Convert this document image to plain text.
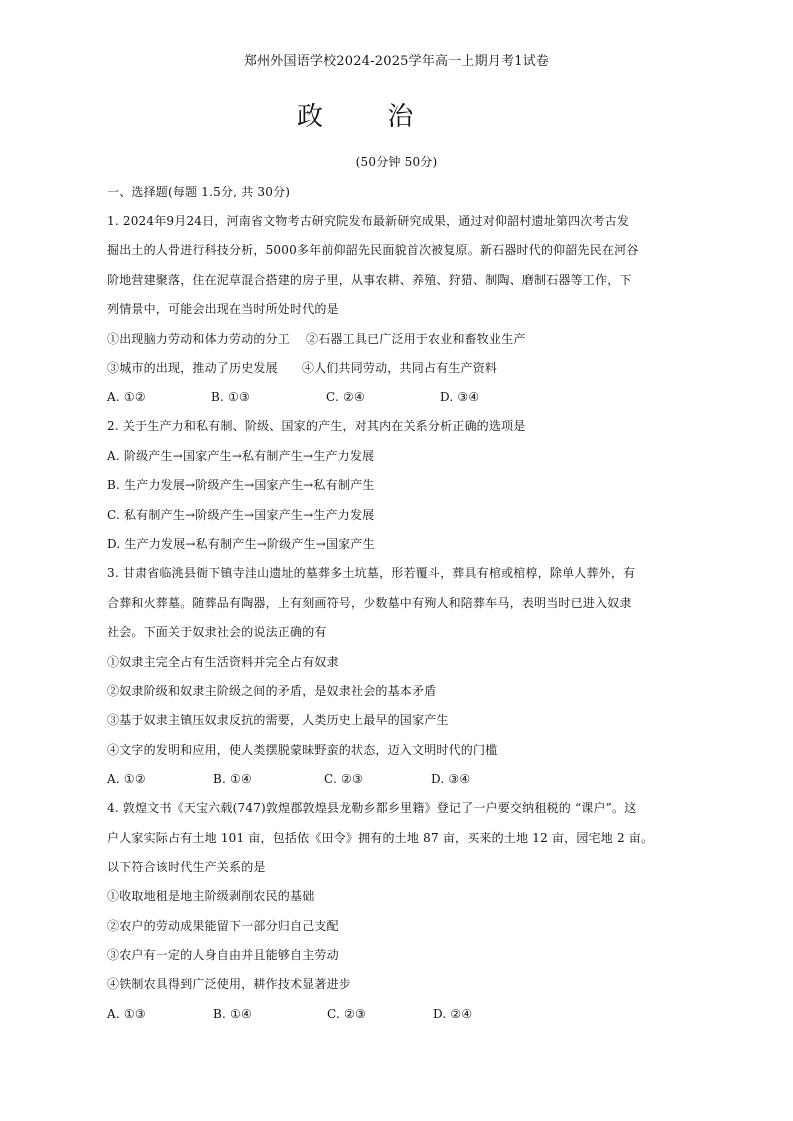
郑州外国语学校2024-2025学年高一上期月考1试卷
政 治
(50分钟 50分)
一、选择题(每题 1.5分, 共 30分)
1. 2024年9月24日，河南省文物考古研究院发布最新研究成果，通过对仰韶村遗址第四次考古发
掘出土的人骨进行科技分析，5000多年前仰韶先民面貌首次被复原。新石器时代的仰韶先民在河谷
阶地营建聚落，住在泥草混合搭建的房子里，从事农耕、养殖、狩猎、制陶、磨制石器等工作，下
列情景中，可能会出现在当时所处时代的是
①出现脑力劳动和体力劳动的分工    ②石器工具已广泛用于农业和畜牧业生产
③城市的出现，推动了历史发展      ④人们共同劳动，共同占有生产资料
A. ①②	B. ①③	C. ②④	D. ③④
2. 关于生产力和私有制、阶级、国家的产生，对其内在关系分析正确的选项是
A. 阶级产生→国家产生→私有制产生→生产力发展
B. 生产力发展→阶级产生→国家产生→私有制产生
C. 私有制产生→阶级产生→国家产生→生产力发展
D. 生产力发展→私有制产生→阶级产生→国家产生
3. 甘肃省临洮县衙下镇寺洼山遗址的墓葬多土坑墓，形若覆斗，葬具有棺或棺椁，除单人葬外，有
合葬和火葬墓。随葬品有陶器，上有刻画符号，少数墓中有殉人和陪葬车马，表明当时已进入奴隶
社会。下面关于奴隶社会的说法正确的有
①奴隶主完全占有生活资料并完全占有奴隶
②奴隶阶级和奴隶主阶级之间的矛盾，是奴隶社会的基本矛盾
③基于奴隶主镇压奴隶反抗的需要，人类历史上最早的国家产生
④文字的发明和应用，使人类摆脱蒙昧野蛮的状态，迈入文明时代的门槛
A. ①②	B. ①④	C. ②③	D. ③④
4. 敦煌文书《天宝六载(747)敦煌郡敦煌县龙勒乡都乡里籍》登记了一户要交纳租税的 “课户”。这
户人家实际占有土地 101 亩，包括依《田令》拥有的土地 87 亩，买来的土地 12 亩，园宅地 2 亩。
以下符合该时代生产关系的是
①收取地租是地主阶级剥削农民的基础
②农户的劳动成果能留下一部分归自己支配
③农户有一定的人身自由并且能够自主劳动
④铁制农具得到广泛使用，耕作技术显著进步
A. ①③	B. ①④	C. ②③	D. ②④
